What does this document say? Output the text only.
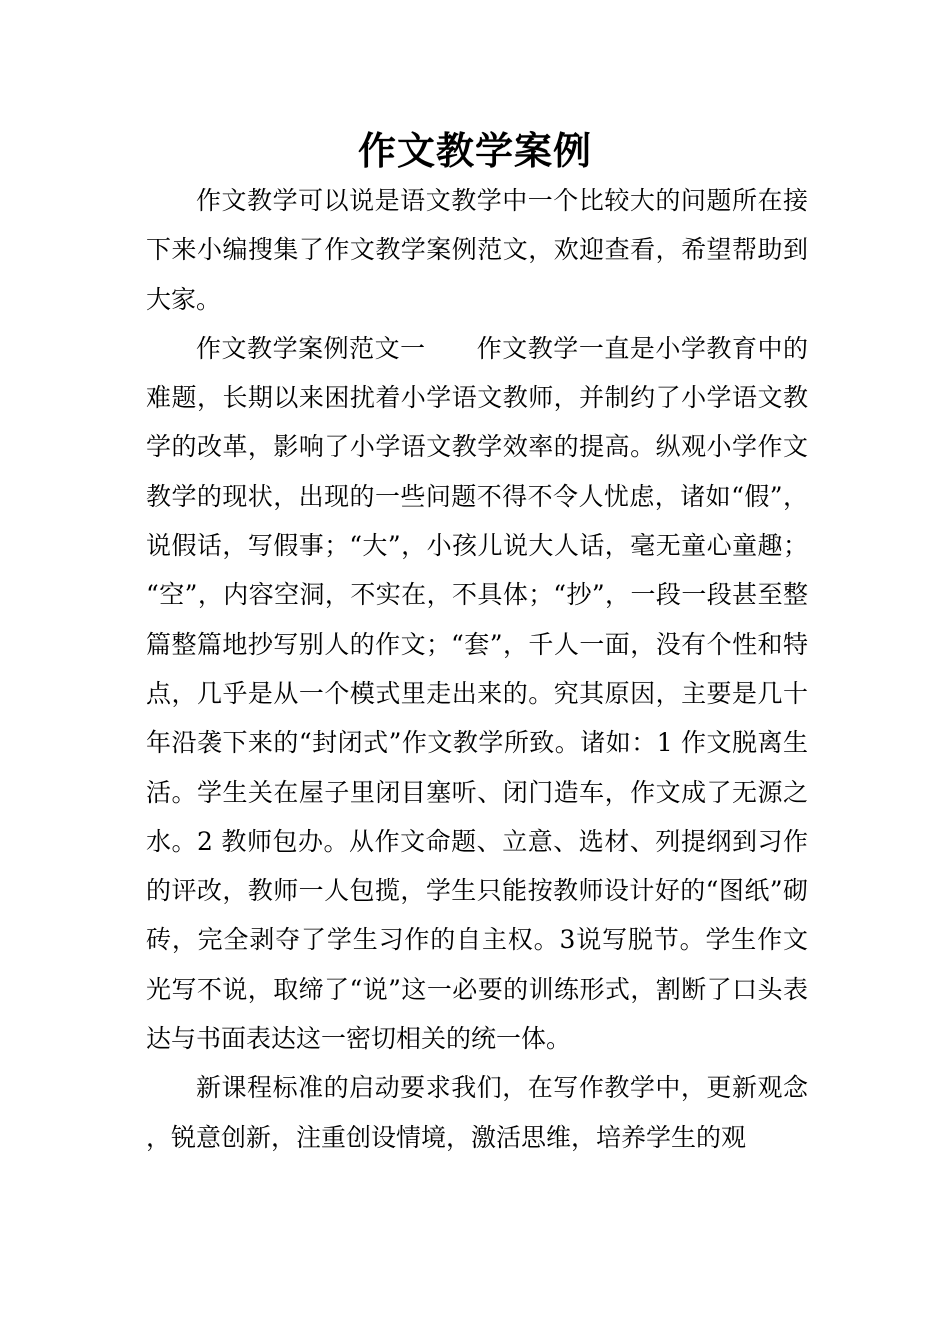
作文教学案例

作文教学可以说是语文教学中一个比较大的问题所在接下来小编搜集了作文教学案例范文，欢迎查看，希望帮助到大家。

作文教学案例范文一　　作文教学一直是小学教育中的难题，长期以来困扰着小学语文教师，并制约了小学语文教学的改革，影响了小学语文教学效率的提高。纵观小学作文教学的现状，出现的一些问题不得不令人忧虑，诸如“假”，说假话，写假事；“大”，小孩儿说大人话，毫无童心童趣；“空”，内容空洞，不实在，不具体；“抄”，一段一段甚至整篇整篇地抄写别人的作文；“套”，千人一面，没有个性和特点，几乎是从一个模式里走出来的。究其原因，主要是几十年沿袭下来的“封闭式”作文教学所致。诸如：1 作文脱离生活。学生关在屋子里闭目塞听、闭门造车，作文成了无源之水。2 教师包办。从作文命题、立意、选材、列提纲到习作的评改，教师一人包揽，学生只能按教师设计好的“图纸”砌砖，完全剥夺了学生习作的自主权。3说写脱节。学生作文光写不说，取缔了“说”这一必要的训练形式，割断了口头表达与书面表达这一密切相关的统一体。

新课程标准的启动要求我们，在写作教学中，更新观念，锐意创新，注重创设情境，激活思维，培养学生的观
